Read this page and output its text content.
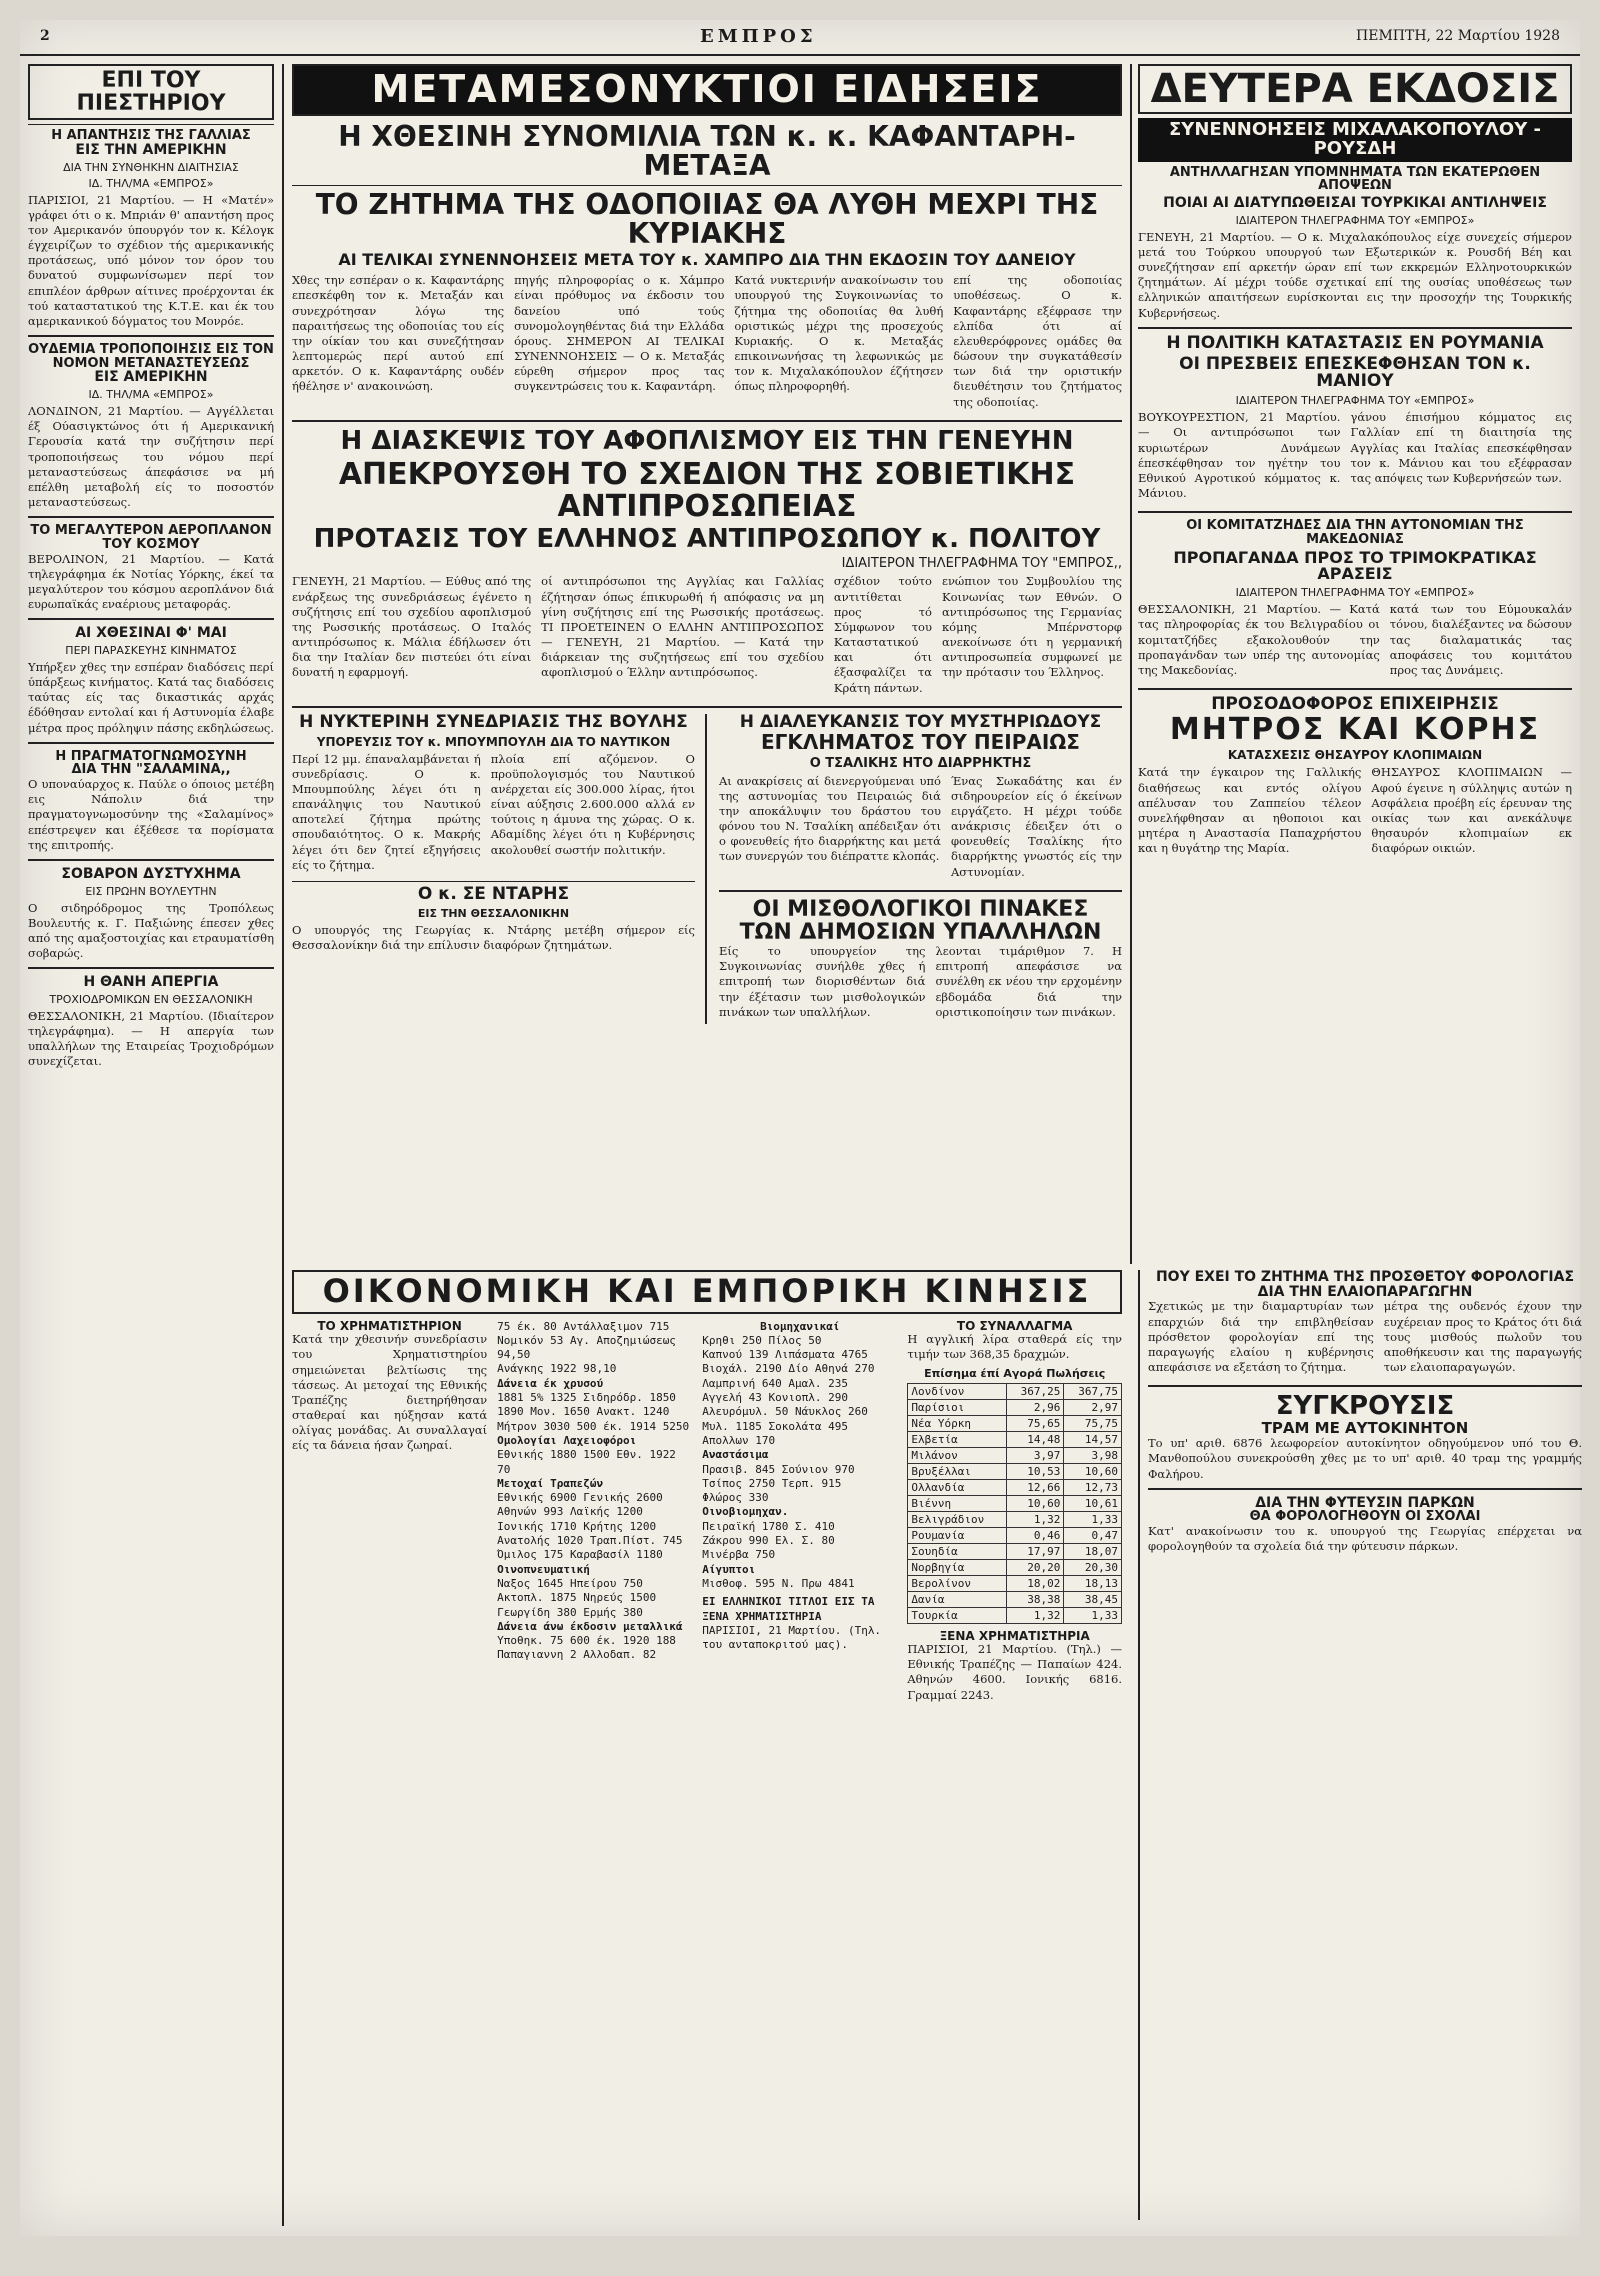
2	ΕΜΠΡΟΣ	ΠΕΜΠΤΗ, 22 Μαρτίου 1928
ΕΠΙ ΤΟΥ ΠΙΕΣΤΗΡΙΟΥ
Η ΑΠΑΝΤΗΣΙΣ ΤΗΣ ΓΑΛΛΙΑΣ
ΕΙΣ ΤΗΝ ΑΜΕΡΙΚΗΝ
ΔΙΑ ΤΗΝ ΣΥΝΘΗΚΗΝ ΔΙΑΙΤΗΣΙΑΣ
ΙΔ. ΤΗΛ/ΜΑ «ΕΜΠΡΟΣ»

ΠΑΡΙΣΙΟΙ, 21 Μαρτίου. — Η «Ματέν» γράφει ότι ο κ. Μπριάν θ' απαντήση προς τον Αμερικανόν ύπουργόν τον κ. Κέλογκ έγχειρίζων το σχέδιον τής αμερικανικής προτάσεως, υπό μόνον τον όρον του δυνατού συμφωνίσωμεν περί τον επιπλέον άρθρων αίτινες προέρχονται έκ τού καταστατικού της Κ.Τ.Ε. και έκ του αμερικανικού δόγματος του Μονρόε.

ΟΥΔΕΜΙΑ ΤΡΟΠΟΠΟΙΗΣΙΣ ΕΙΣ ΤΟΝ ΝΟΜΟΝ ΜΕΤΑΝΑΣΤΕΥΣΕΩΣ
ΕΙΣ ΑΜΕΡΙΚΗΝ
ΙΔ. ΤΗΛ/ΜΑ «ΕΜΠΡΟΣ»

ΛΟΝΔΙΝΟΝ, 21 Μαρτίου. — Αγγέλλεται έξ Ούασιγκτώνος ότι ή Αμερικανική Γερουσία κατά την συζήτησιν περί τροποποιήσεως του νόμου περί μεταναστεύσεως άπεφάσισε να μή επέλθη μεταβολή είς το ποσοστόν μεταναστεύσεως.

ΤΟ ΜΕΓΑΛΥΤΕΡΟΝ ΑΕΡΟΠΛΑΝΟΝ ΤΟΥ ΚΟΣΜΟΥ

ΒΕΡΟΛΙΝΟΝ, 21 Μαρτίου. — Κατά τηλεγράφημα έκ Νοτίας Υόρκης, έκεί τα μεγαλύτερον του κόσμου αεροπλάνον διά ευρωπαϊκάς εναέριους μεταφοράς.

ΑΙ ΧΘΕΣΙΝΑΙ Φ' ΜΑΙ
ΠΕΡΙ ΠΑΡΑΣΚΕΥΗΣ ΚΙΝΗΜΑΤΟΣ

Υπήρξεν χθες την εσπέραν διαδόσεις περί ύπάρξεως κινήματος. Κατά τας διαδόσεις ταύτας είς τας δικαστικάς αρχάς έδόθησαν εντολαί και ή Αστυνομία έλαβε μέτρα προς πρόληψιν πάσης εκδηλώσεως.

Η ΠΡΑΓΜΑΤΟΓΝΩΜΟΣΥΝΗ
ΔΙΑ ΤΗΝ "ΣΑΛΑΜΙΝΑ,,

Ο υποναύαρχος κ. Παύλε ο όποιος μετέβη εις Νάπολιν διά την πραγματογνωμοσύνην της «Σαλαμίνος» επέστρεψεν και έξέθεσε τα πορίσματα της επιτροπής.

ΣΟΒΑΡΟΝ ΔΥΣΤΥΧΗΜΑ
ΕΙΣ ΠΡΩΗΝ ΒΟΥΛΕΥΤΗΝ

Ο σιδηρόδρομος της Τροπόλεως Βουλευτής κ. Γ. Παξιώνης έπεσεν χθες από της αμαξοστοιχίας και ετραυματίσθη σοβαρώς.

Η ΘΑΝΗ ΑΠΕΡΓΙΑ
ΤΡΟΧΙΟΔΡΟΜΙΚΩΝ ΕΝ ΘΕΣΣΑΛΟΝΙΚΗ

ΘΕΣΣΑΛΟΝΙΚΗ, 21 Μαρτίου. (Ιδιαίτερον τηλεγράφημα). — Η απεργία των υπαλλήλων της Εταιρείας Τροχιοδρόμων συνεχίζεται.

ΜΕΤΑΜΕΣΟΝΥΚΤΙΟΙ ΕΙΔΗΣΕΙΣ
Η ΧΘΕΣΙΝΗ ΣΥΝΟΜΙΛΙΑ ΤΩΝ κ. κ. ΚΑΦΑΝΤΑΡΗ-ΜΕΤΑΞΑ
ΤΟ ΖΗΤΗΜΑ ΤΗΣ ΟΔΟΠΟΙΙΑΣ ΘΑ ΛΥΘΗ ΜΕΧΡΙ ΤΗΣ ΚΥΡΙΑΚΗΣ
ΑΙ ΤΕΛΙΚΑΙ ΣΥΝΕΝΝΟΗΣΕΙΣ ΜΕΤΑ ΤΟΥ κ. ΧΑΜΠΡΟ ΔΙΑ ΤΗΝ ΕΚΔΟΣΙΝ ΤΟΥ ΔΑΝΕΙΟΥ

Χθες την εσπέραν ο κ. Καφαντάρης επεσκέφθη τον κ. Μεταξάν και συνεχρότησαν λόγω της παραιτήσεως της οδοποιίας του είς την οίκίαν του και συνεζήτησαν λεπτομερώς περί αυτού επί αρκετόν. Ο κ. Καφαντάρης ουδέν ήθέλησε ν' ανακοινώση.

πηγής πληροφορίας ο κ. Χάμπρο είναι πρόθυμος να έκδοσιν του δανείου υπό τούς συνομολογηθέντας διά την Ελλάδα όρους. ΣΗΜΕΡΟΝ ΑΙ ΤΕΛΙΚΑΙ ΣΥΝΕΝΝΟΗΣΕΙΣ — Ο κ. Μεταξάς εύρεθη σήμερον προς τας συγκεντρώσεις του κ. Καφαντάρη.

Κατά νυκτερινήν ανακοίνωσιν του υπουργού της Συγκοινωνίας το ζήτημα της οδοποιίας θα λυθή οριστικώς μέχρι της προσεχούς Κυριακής. Ο κ. Μεταξάς επικοινωνήσας τη λεφωνικώς με τον κ. Μιχαλακόπουλον έζήτησεν όπως πληροφορηθή.

επί της οδοποιίας υποθέσεως. Ο κ. Καφαντάρης εξέφρασε την ελπίδα ότι αί ελευθερόφρονες ομάδες θα δώσουν την συγκατάθεσίν των διά την οριστικήν διευθέτησιν του ζητήματος της οδοποιίας.

Η ΔΙΑΣΚΕΨΙΣ ΤΟΥ ΑΦΟΠΛΙΣΜΟΥ ΕΙΣ ΤΗΝ ΓΕΝΕΥΗΝ
ΑΠΕΚΡΟΥΣΘΗ ΤΟ ΣΧΕΔΙΟΝ ΤΗΣ ΣΟΒΙΕΤΙΚΗΣ ΑΝΤΙΠΡΟΣΩΠΕΙΑΣ
ΠΡΟΤΑΣΙΣ ΤΟΥ ΕΛΛΗΝΟΣ ΑΝΤΙΠΡΟΣΩΠΟΥ κ. ΠΟΛΙΤΟΥ
ΙΔΙΑΙΤΕΡΟΝ ΤΗΛΕΓΡΑΦΗΜΑ ΤΟΥ "ΕΜΠΡΟΣ,,

ΓΕΝΕΥΗ, 21 Μαρτίου. — Εύθυς από της ενάρξεως της συνεδριάσεως έγένετο η συζήτησις επί του σχεδίου αφοπλισμού της Ρωσσικής προτάσεως. Ο Ιταλός αντιπρόσωπος κ. Μάλια έδήλωσεν ότι δια την Ιταλίαν δεν πιστεύει ότι είναι δυνατή η εφαρμογή.

οί αντιπρόσωποι της Αγγλίας και Γαλλίας έζήτησαν όπως έπικυρωθή ή απόφασις να μη γίνη συζήτησις επί της Ρωσσικής προτάσεως. ΤΙ ΠΡΟΕΤΕΙΝΕΝ Ο ΕΛΛΗΝ ΑΝΤΙΠΡΟΣΩΠΟΣ — ΓΕΝΕΥΗ, 21 Μαρτίου. — Κατά την διάρκειαν της συζητήσεως επί του σχεδίου αφοπλισμού ο Έλλην αντιπρόσωπος.

σχέδιον τούτο αντιτίθεται προς τό Σύμφωνον του Καταστατικού και ότι έξασφαλίζει τα Κράτη πάντων.

ενώπιον του Συμβουλίου της Κοινωνίας των Εθνών. Ο αντιπρόσωπος της Γερμανίας κόμης Μπέρνστορφ ανεκοίνωσε ότι η γερμανική αντιπροσωπεία συμφωνεί με την πρότασιν του Έλληνος.

Η ΝΥΚΤΕΡΙΝΗ ΣΥΝΕΔΡΙΑΣΙΣ ΤΗΣ ΒΟΥΛΗΣ
ΥΠΟΡΕΥΣΙΣ ΤΟΥ κ. ΜΠΟΥΜΠΟΥΛΗ ΔΙΑ ΤΟ ΝΑΥΤΙΚΟΝ

Περί 12 μμ. έπαναλαμβάνεται ή συνεδρίασις. Ο κ. Μπουμπούλης λέγει ότι η επανάληψις του Ναυτικού αποτελεί ζήτημα πρώτης σπουδαιότητος. Ο κ. Μακρής λέγει ότι δεν ζητεί εξηγήσεις είς το ζήτημα.

πλοία επί αζόμενον. Ο προϋπολογισμός του Ναυτικού ανέρχεται είς 300.000 λίρας, ήτοι είναι αύξησις 2.600.000 αλλά εν τούτοις η άμυνα της χώρας. Ο κ. Αδαμίδης λέγει ότι η Κυβέρνησις ακολουθεί σωστήν πολιτικήν.

Ο κ. ΣΕ ΝΤΑΡΗΣ
ΕΙΣ ΤΗΝ ΘΕΣΣΑΛΟΝΙΚΗΝ

Ο υπουργός της Γεωργίας κ. Ντάρης μετέβη σήμερον είς Θεσσαλονίκην διά την επίλυσιν διαφόρων ζητημάτων.

Η ΔΙΑΛΕΥΚΑΝΣΙΣ ΤΟΥ ΜΥΣΤΗΡΙΩΔΟΥΣ
ΕΓΚΛΗΜΑΤΟΣ ΤΟΥ ΠΕΙΡΑΙΩΣ
Ο ΤΣΑΛΙΚΗΣ ΗΤΟ ΔΙΑΡΡΗΚΤΗΣ

Αι ανακρίσεις αί διενεργούμεναι υπό της αστυνομίας του Πειραιώς διά την αποκάλυψιν του δράστου του φόνου του Ν. Τσαλίκη απέδειξαν ότι ο φονευθείς ήτο διαρρήκτης και μετά των συνεργών του διέπραττε κλοπάς.

Ένας Σωκαδάτης και έν σιδηρουρείον είς ό έκείνων ειργάζετο. Η μέχρι τούδε ανάκρισις έδειξεν ότι ο φονευθείς Τσαλίκης ήτο διαρρήκτης γνωστός είς την Αστυνομίαν.

ΟΙ ΜΙΣΘΟΛΟΓΙΚΟΙ ΠΙΝΑΚΕΣ
ΤΩΝ ΔΗΜΟΣΙΩΝ ΥΠΑΛΛΗΛΩΝ

Είς το υπουργείον της Συγκοινωνίας συνήλθε χθες ή επιτροπή των διορισθέντων διά την έξέτασιν των μισθολογικών πινάκων των υπαλλήλων.

λεονται τιμάριθμον 7. Η επιτροπή απεφάσισε να συνέλθη εκ νέου την ερχομένην εβδομάδα διά την οριστικοποίησιν των πινάκων.

ΔΕΥΤΕΡΑ ΕΚΔΟΣΙΣ
ΣΥΝΕΝΝΟΗΣΕΙΣ ΜΙΧΑΛΑΚΟΠΟΥΛΟΥ - ΡΟΥΣΔΗ
ΑΝΤΗΛΛΑΓΗΣΑΝ ΥΠΟΜΝΗΜΑΤΑ ΤΩΝ ΕΚΑΤΕΡΩΘΕΝ ΑΠΟΨΕΩΝ
ΠΟΙΑΙ ΑΙ ΔΙΑΤΥΠΩΘΕΙΣΑΙ ΤΟΥΡΚΙΚΑΙ ΑΝΤΙΛΗΨΕΙΣ
ΙΔΙΑΙΤΕΡΟΝ ΤΗΛΕΓΡΑΦΗΜΑ ΤΟΥ «ΕΜΠΡΟΣ»

ΓΕΝΕΥΗ, 21 Μαρτίου. — Ο κ. Μιχαλακόπουλος είχε συνεχείς σήμερον μετά του Τούρκου υπουργού των Εξωτερικών κ. Ρουσδή Βέη και συνεζήτησαν επί αρκετήν ώραν επί των εκκρεμών Ελληνοτουρκικών ζητημάτων. Αί μέχρι τούδε σχετικαί επί της ουσίας υποθέσεως των ελληνικών απαιτήσεων ευρίσκονται εις την προσοχήν της Τουρκικής Κυβερνήσεως.

Η ΠΟΛΙΤΙΚΗ ΚΑΤΑΣΤΑΣΙΣ ΕΝ ΡΟΥΜΑΝΙΑ
ΟΙ ΠΡΕΣΒΕΙΣ ΕΠΕΣΚΕΦΘΗΣΑΝ ΤΟΝ κ. ΜΑΝΙΟΥ
ΙΔΙΑΙΤΕΡΟΝ ΤΗΛΕΓΡΑΦΗΜΑ ΤΟΥ «ΕΜΠΡΟΣ»

ΒΟΥΚΟΥΡΕΣΤΙΟΝ, 21 Μαρτίου. — Οι αντιπρόσωποι των κυριωτέρων Δυνάμεων έπεσκέφθησαν τον ηγέτην του Εθνικού Αγροτικού κόμματος κ. Μάνιου.

γάνου έπισήμου κόμματος εις Γαλλίαν επί τη διαιτησία της Αγγλίας και Ιταλίας επεσκέφθησαν τον κ. Μάνιου και του εξέφρασαν τας απόψεις των Κυβερνήσεών των.

ΟΙ ΚΟΜΙΤΑΤΖΗΔΕΣ ΔΙΑ ΤΗΝ ΑΥΤΟΝΟΜΙΑΝ ΤΗΣ ΜΑΚΕΔΟΝΙΑΣ
ΠΡΟΠΑΓΑΝΔΑ ΠΡΟΣ ΤΟ ΤΡΙΜΟΚΡΑΤΙΚΑΣ ΑΡΑΣΕΙΣ
ΙΔΙΑΙΤΕΡΟΝ ΤΗΛΕΓΡΑΦΗΜΑ ΤΟΥ «ΕΜΠΡΟΣ»

ΘΕΣΣΑΛΟΝΙΚΗ, 21 Μαρτίου. — Κατά τας πληροφορίας έκ του Βελιγραδίου οι κομιτατζήδες εξακολουθούν την προπαγάνδαν των υπέρ της αυτονομίας της Μακεδονίας.

κατά των του Εύμουκαλάν τόνου, διαλέξαντες να δώσουν τας διαλαματικάς τας αποφάσεις του κομιτάτου προς τας Δυνάμεις.

ΠΡΟΣΟΔΟΦΟΡΟΣ ΕΠΙΧΕΙΡΗΣΙΣ
ΜΗΤΡΟΣ ΚΑΙ ΚΟΡΗΣ
ΚΑΤΑΣΧΕΣΙΣ ΘΗΣΑΥΡΟΥ ΚΛΟΠΙΜΑΙΩΝ

Κατά την έγκαιρον της Γαλλικής διαθήσεως και εντός ολίγου απέλυσαν του Ζαππείου τέλεον συνελήφθησαν αι ηθοποιοι και μητέρα η Αναστασία Παπαχρήστου και η θυγάτηρ της Μαρία.

ΘΗΣΑΥΡΟΣ ΚΛΟΠΙΜΑΙΩΝ — Αφού έγεινε η σύλληψις αυτών η Ασφάλεια προέβη είς έρευναν της οικίας των και ανεκάλυψε θησαυρόν κλοπιμαίων εκ διαφόρων οικιών.

ΟΙΚΟΝΟΜΙΚΗ ΚΑΙ ΕΜΠΟΡΙΚΗ ΚΙΝΗΣΙΣ
ΤΟ ΧΡΗΜΑΤΙΣΤΗΡΙΟΝ

Κατά την χθεσινήν συνεδρίασιν του Χρηματιστηρίου σημειώνεται βελτίωσις της τάσεως. Αι μετοχαί της Εθνικής Τραπέζης διετηρήθησαν σταθεραί και ηύξησαν κατά ολίγας μονάδας. Αι συναλλαγαί είς τα δάνεια ήσαν ζωηραί.

75 έκ. 80 Αντάλλαξιμον 715
Νομικόν 53 Αγ. Αποζημιώσεως 94,50
Ανάγκης 1922 98,10
Δάνεια έκ χρυσού
1881 5% 1325 Σιδηρόδρ. 1850
1890 Μον. 1650 Ανακτ. 1240
Μήτρον 3030 500 έκ. 1914 5250
Ομολογίαι Λαχειοφόροι
Εθνικής 1880 1500 Εθν. 1922 70
Μετοχαί Τραπεζών
Εθνικής 6900 Γενικής 2600
Αθηνών 993 Λαϊκής 1200
Ιονικής 1710 Κρήτης 1200
Ανατολής 1020 Τραπ.Πίστ. 745
Όμιλος 175 Καραβασίλ 1180
Οινοπνευματική
Ναξος 1645 Ηπείρου 750
Ακτοπλ. 1875 Νηρεύς 1500
Γεωργίδη 380 Ερμής 380
Δάνεια άνω έκδοσιν μεταλλικά
Υποθηκ. 75 600 έκ. 1920 188
Παπαγιαννη 2 Αλλοδαπ. 82
Βιομηχανικαί
Κρηθι 250 Πίλος 50
Καπνού 139 Λιπάσματα 4765
Βιοχάλ. 2190 Δίο Αθηνά 270
Λαμπρινή 640 Αμαλ. 235
Αγγελή 43 Κονιοπλ. 290
Αλευρόμυλ. 50 Νάυκλος 260
Μυλ. 1185 Σοκολάτα 495
Απολλων 170
Αναστάσιμα
Πρασιβ. 845 Σούνιον 970
Τσίπος 2750 Τερπ. 915
Φλώρος 330
Οινοβιομηχαν.
Πειραϊκή 1780 Σ. 410
Ζάκρου 990 Ελ. Σ. 80
Μινέρβα 750
Αίγυπτοι
Μισθοφ. 595 Ν. Πρω 4841
ΕΙ ΕΛΛΗΝΙΚΟΙ ΤΙΤΛΟΙ ΕΙΣ ΤΑ ΞΕΝΑ ΧΡΗΜΑΤΙΣΤΗΡΙΑ
ΠΑΡΙΣΙΟΙ, 21 Μαρτίου. (Τηλ. του ανταποκριτού μας).
ΤΟ ΣΥΝΑΛΛΑΓΜΑ

Η αγγλική λίρα σταθερά είς την τιμήν των 368,35 δραχμών.

Επίσημα έπί Αγορά Πωλήσεις
Λονδίνον	367,25	367,75
Παρίσιοι	2,96	2,97
Νέα Υόρκη	75,65	75,75
Ελβετία	14,48	14,57
Μιλάνον	3,97	3,98
Βρυξέλλαι	10,53	10,60
Ολλανδία	12,66	12,73
Βιέννη	10,60	10,61
Βελιγράδιον	1,32	1,33
Ρουμανία	0,46	0,47
Σουηδία	17,97	18,07
Νορβηγία	20,20	20,30
Βερολίνον	18,02	18,13
Δανία	38,38	38,45
Τουρκία	1,32	1,33
ΞΕΝΑ ΧΡΗΜΑΤΙΣΤΗΡΙΑ

ΠΑΡΙΣΙΟΙ, 21 Μαρτίου. (Τηλ.) — Εθνικής Τραπέζης — Παπαίων 424. Αθηνών 4600. Ιονικής 6816. Γραμμαί 2243.

ΠΟΥ ΕΧΕΙ ΤΟ ΖΗΤΗΜΑ ΤΗΣ ΠΡΟΣΘΕΤΟΥ ΦΟΡΟΛΟΓΙΑΣ ΔΙΑ ΤΗΝ ΕΛΑΙΟΠΑΡΑΓΩΓΗΝ

Σχετικώς με την διαμαρτυρίαν των επαρχιών διά την επιβληθείσαν πρόσθετον φορολογίαν επί της παραγωγής ελαίου η κυβέρνησις απεφάσισε να εξετάση το ζήτημα.

μέτρα της ουδενός έχουν την ευχέρειαν προς το Κράτος ότι διά τους μισθούς πωλοῦν του αποθήκευσιν και της παραγωγής των ελαιοπαραγωγών.

ΣΥΓΚΡΟΥΣΙΣ
ΤΡΑΜ ΜΕ ΑΥΤΟΚΙΝΗΤΟΝ

Το υπ' αριθ. 6876 λεωφορείον αυτοκίνητον οδηγούμενον υπό του Θ. Μανθοπούλου συνεκρούσθη χθες με το υπ' αριθ. 40 τραμ της γραμμής Φαλήρου.

ΔΙΑ ΤΗΝ ΦΥΤΕΥΣΙΝ ΠΑΡΚΩΝ
ΘΑ ΦΟΡΟΛΟΓΗΘΟΥΝ ΟΙ ΣΧΟΛΑΙ

Κατ' ανακοίνωσιν του κ. υπουργού της Γεωργίας επέρχεται να φορολογηθούν τα σχολεία διά την φύτευσιν πάρκων.
